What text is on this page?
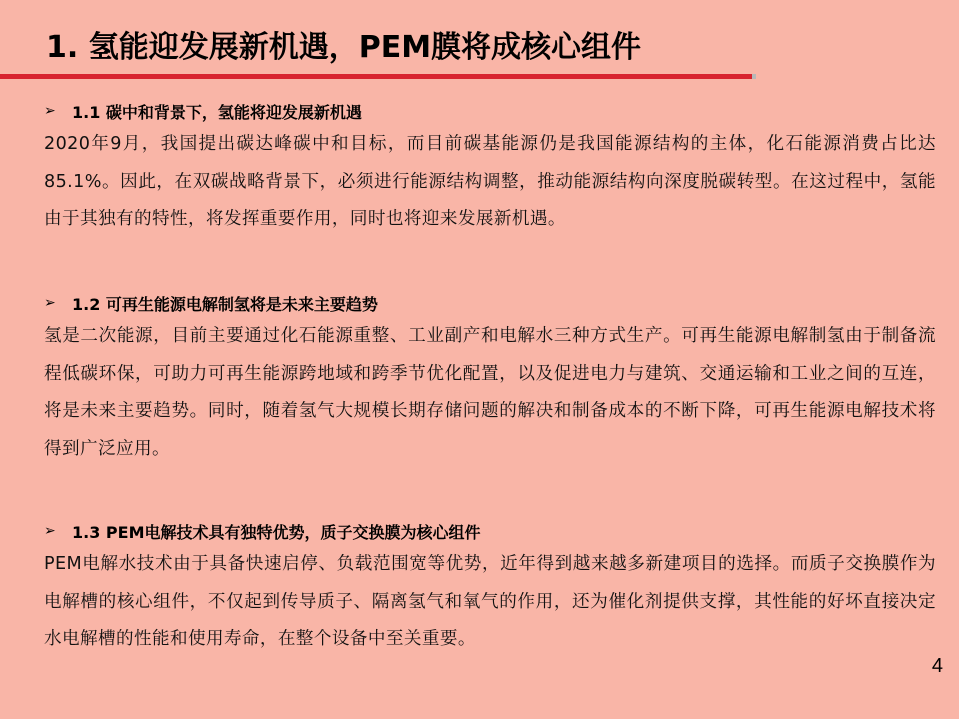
1. 氢能迎发展新机遇，PEM膜将成核心组件
➢	1.1 碳中和背景下，氢能将迎发展新机遇
2020年9月，我国提出碳达峰碳中和目标，而目前碳基能源仍是我国能源结构的主体，化石能源消费占比达85.1%。因此，在双碳战略背景下，必须进行能源结构调整，推动能源结构向深度脱碳转型。在这过程中，氢能由于其独有的特性，将发挥重要作用，同时也将迎来发展新机遇。
➢	1.2 可再生能源电解制氢将是未来主要趋势
氢是二次能源，目前主要通过化石能源重整、工业副产和电解水三种方式生产。可再生能源电解制氢由于制备流程低碳环保，可助力可再生能源跨地域和跨季节优化配置，以及促进电力与建筑、交通运输和工业之间的互连，将是未来主要趋势。同时，随着氢气大规模长期存储问题的解决和制备成本的不断下降，可再生能源电解技术将得到广泛应用。
➢	1.3 PEM电解技术具有独特优势，质子交换膜为核心组件
PEM电解水技术由于具备快速启停、负载范围宽等优势，近年得到越来越多新建项目的选择。而质子交换膜作为电解槽的核心组件，不仅起到传导质子、隔离氢气和氧气的作用，还为催化剂提供支撑，其性能的好坏直接决定水电解槽的性能和使用寿命，在整个设备中至关重要。
4
